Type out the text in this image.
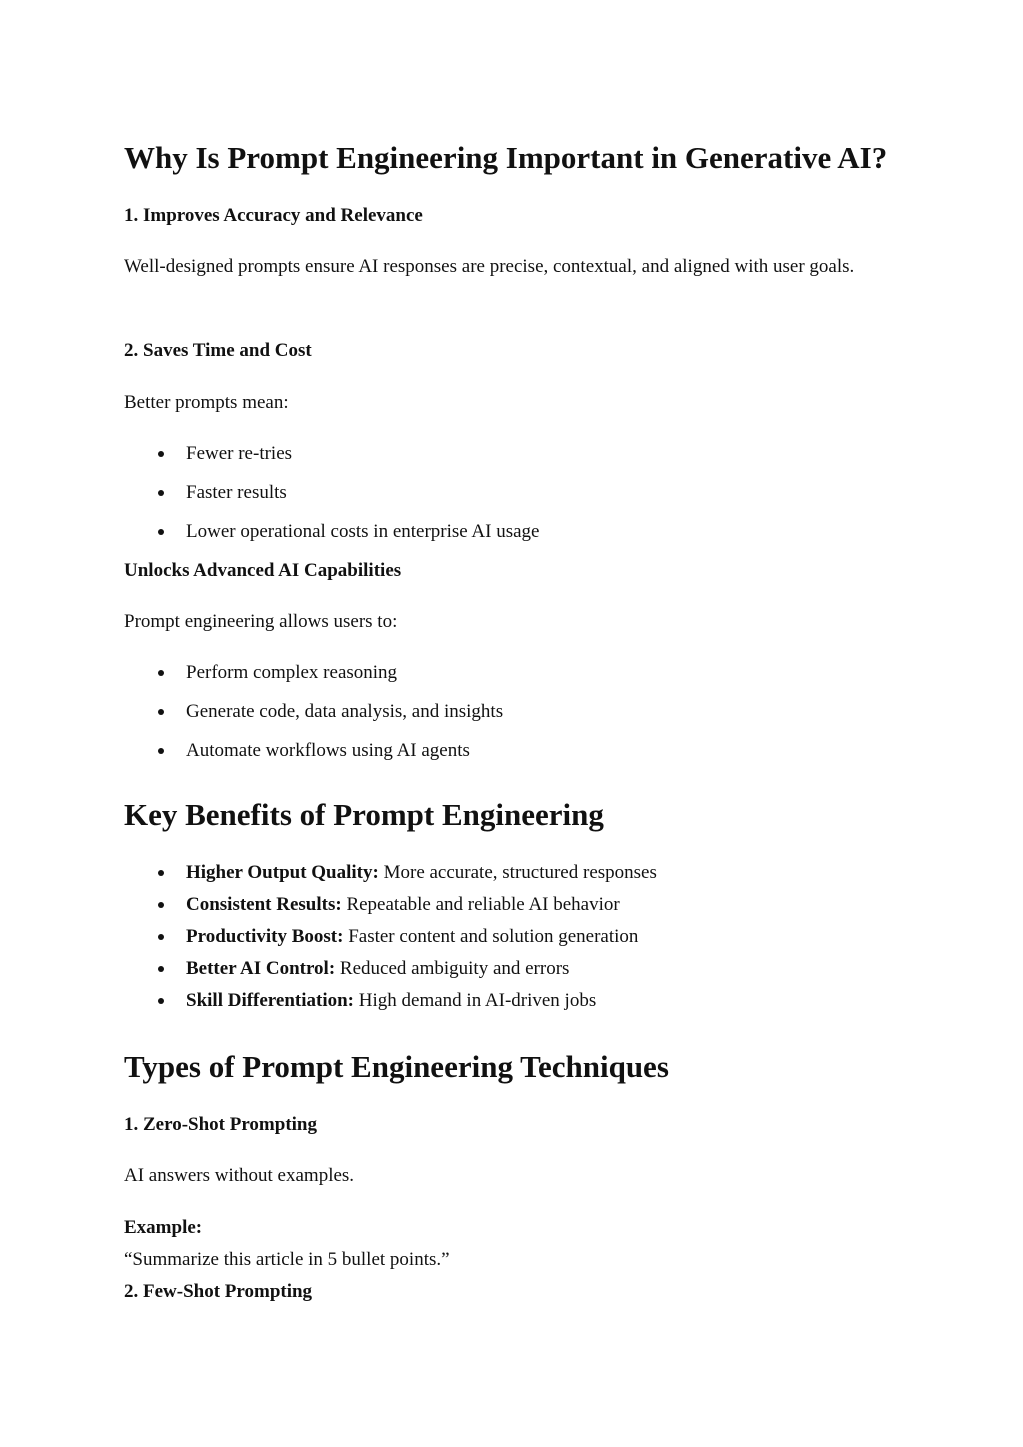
Why Is Prompt Engineering Important in Generative AI?
1. Improves Accuracy and Relevance

Well-designed prompts ensure AI responses are precise, contextual, and aligned with user goals.

2. Saves Time and Cost

Better prompts mean:

Fewer re-tries
Faster results
Lower operational costs in enterprise AI usage
Unlocks Advanced AI Capabilities

Prompt engineering allows users to:

Perform complex reasoning
Generate code, data analysis, and insights
Automate workflows using AI agents
Key Benefits of Prompt Engineering
Higher Output Quality: More accurate, structured responses
Consistent Results: Repeatable and reliable AI behavior
Productivity Boost: Faster content and solution generation
Better AI Control: Reduced ambiguity and errors
Skill Differentiation: High demand in AI-driven jobs
Types of Prompt Engineering Techniques
1. Zero-Shot Prompting

AI answers without examples.

Example:

“Summarize this article in 5 bullet points.”

2. Few-Shot Prompting
